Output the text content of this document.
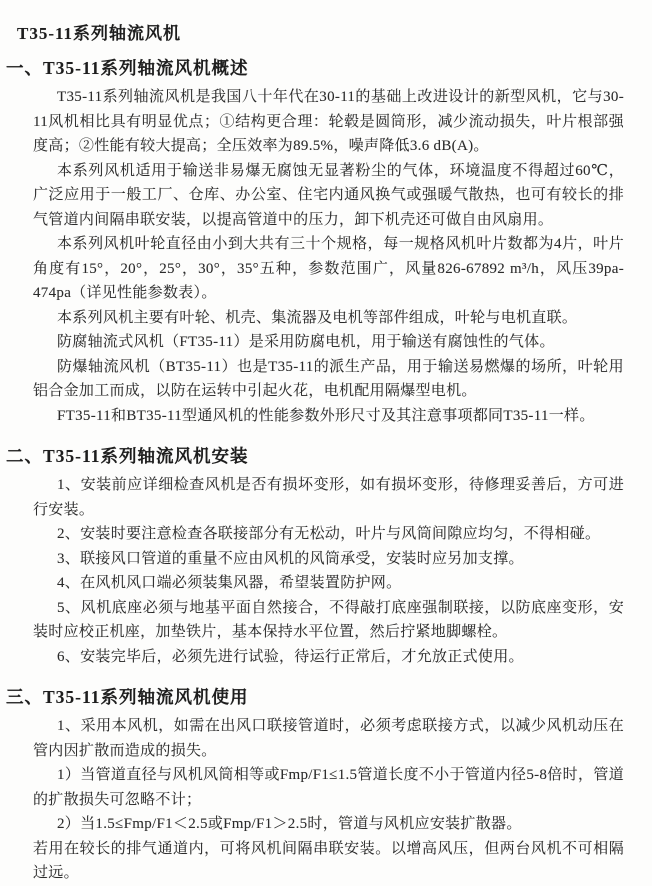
T35-11系列轴流风机
一、T35-11系列轴流风机概述

T35-11系列轴流风机是我国八十年代在30-11的基础上改进设计的新型风机，它与30-11风机相比具有明显优点；①结构更合理：轮毂是圆筒形，减少流动损失，叶片根部强度高；②性能有较大提高；全压效率为89.5%，噪声降低3.6 dB(A)。

本系列风机适用于输送非易爆无腐蚀无显著粉尘的气体，环境温度不得超过60℃，广泛应用于一般工厂、仓库、办公室、住宅内通风换气或强暖气散热，也可有较长的排气管道内间隔串联安装，以提高管道中的压力，卸下机壳还可做自由风扇用。

本系列风机叶轮直径由小到大共有三十个规格，每一规格风机叶片数都为4片，叶片角度有15°，20°，25°，30°，35°五种，参数范围广，风量826-67892 m³/h，风压39pa-474pa（详见性能参数表）。

本系列风机主要有叶轮、机壳、集流器及电机等部件组成，叶轮与电机直联。

防腐轴流式风机（FT35-11）是采用防腐电机，用于输送有腐蚀性的气体。

防爆轴流风机（BT35-11）也是T35-11的派生产品，用于输送易燃爆的场所，叶轮用铝合金加工而成，以防在运转中引起火花，电机配用隔爆型电机。

FT35-11和BT35-11型通风机的性能参数外形尺寸及其注意事项都同T35-11一样。

二、T35-11系列轴流风机安装

1、安装前应详细检查风机是否有损坏变形，如有损坏变形，待修理妥善后，方可进行安装。

2、安装时要注意检查各联接部分有无松动，叶片与风筒间隙应均匀，不得相碰。

3、联接风口管道的重量不应由风机的风筒承受，安装时应另加支撑。

4、在风机风口端必须装集风器，希望装置防护网。

5、风机底座必须与地基平面自然接合，不得敲打底座强制联接，以防底座变形，安装时应校正机座，加垫铁片，基本保持水平位置，然后拧紧地脚螺栓。

6、安装完毕后，必须先进行试验，待运行正常后，才允放正式使用。

三、T35-11系列轴流风机使用

1、采用本风机，如需在出风口联接管道时，必须考虑联接方式，以减少风机动压在管内因扩散而造成的损失。

1）当管道直径与风机风筒相等或Fmp/F1≤1.5管道长度不小于管道内径5-8倍时，管道的扩散损失可忽略不计；

2）当1.5≤Fmp/F1＜2.5或Fmp/F1＞2.5时，管道与风机应安装扩散器。

若用在较长的排气通道内，可将风机间隔串联安装。以增高风压，但两台风机不可相隔过远。
